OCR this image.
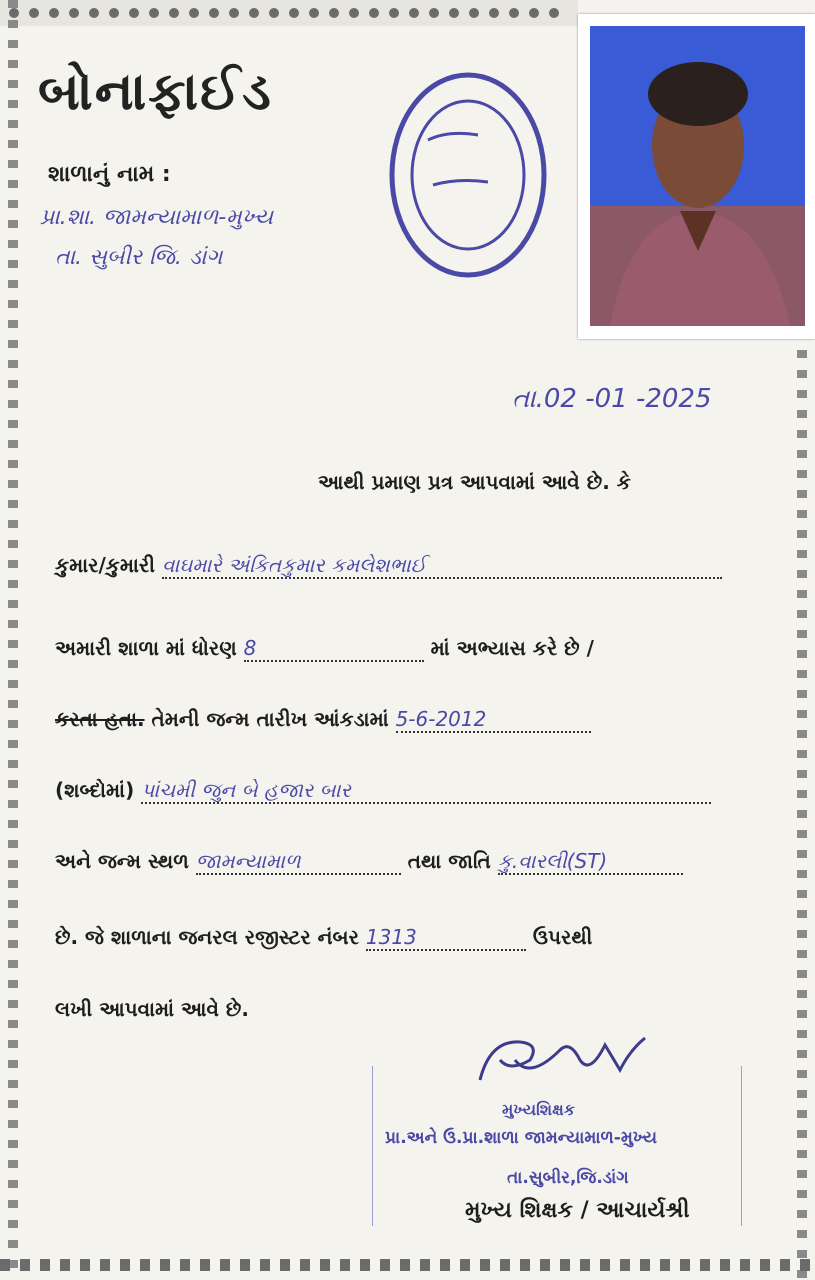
બોનાફાઈડ
શાળાનું નામ :
પ્રા.શા. જામન્યામાળ-મુખ્ય
તા. સુબીર જિ. ડાંગ
તા.02 -01 -2025
આથી પ્રમાણ પ્રત્ર આપવામાં આવે છે. કે
કુમાર/કુમારી વાઘમારે અંકિતકુમાર કમલેશભાઈ
અમારી શાળા માં ધોરણ 8	માં અભ્યાસ કરે છે /
કરતા હતા. તેમની જન્મ તારીખ આંકડામાં 5-6-2012
(શબ્દોમાં) પાંચમી જુન બે હજાર બાર
અને જન્મ સ્થળ જામન્યામાળ	તથા જાતિ કુ.વારલી(ST)
છે. જે શાળાના જનરલ રજીસ્ટર નંબર 1313	ઉપરથી
લખી આપવામાં આવે છે.
મુખ્યશિક્ષક
પ્રા.અને ઉ.પ્રા.શાળા જામન્યામાળ-મુખ્ય
તા.સુબીર,જિ.ડાંગ
મુખ્ય શિક્ષક / આચાર્યશ્રી
